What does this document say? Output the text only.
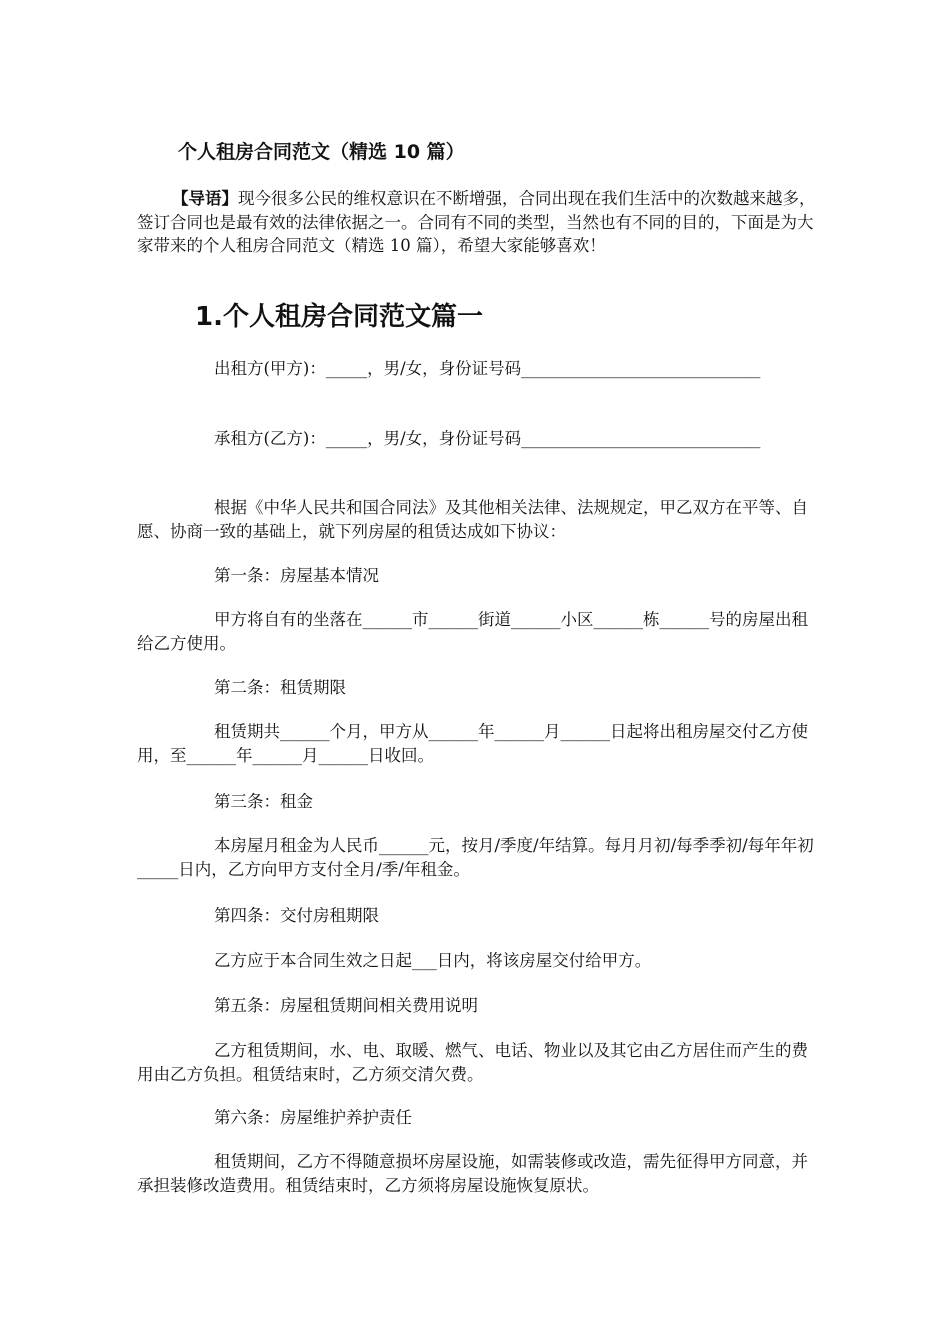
个人租房合同范文（精选 10 篇）

【导语】现今很多公民的维权意识在不断增强，合同出现在我们生活中的次数越来越多，签订合同也是最有效的法律依据之一。合同有不同的类型，当然也有不同的目的，下面是为大家带来的个人租房合同范文（精选 10 篇），希望大家能够喜欢！

1.个人租房合同范文篇一

出租方(甲方)：_____，男/女，身份证号码_____________________________

承租方(乙方)：_____，男/女，身份证号码_____________________________

根据《中华人民共和国合同法》及其他相关法律、法规规定，甲乙双方在平等、自愿、协商一致的基础上，就下列房屋的租赁达成如下协议：

第一条：房屋基本情况

甲方将自有的坐落在______市______街道______小区______栋______号的房屋出租给乙方使用。

第二条：租赁期限

租赁期共______个月，甲方从______年______月______日起将出租房屋交付乙方使用，至______年______月______日收回。

第三条：租金

本房屋月租金为人民币______元，按月/季度/年结算。每月月初/每季季初/每年年初_____日内，乙方向甲方支付全月/季/年租金。

第四条：交付房租期限

乙方应于本合同生效之日起___日内，将该房屋交付给甲方。

第五条：房屋租赁期间相关费用说明

乙方租赁期间，水、电、取暖、燃气、电话、物业以及其它由乙方居住而产生的费用由乙方负担。租赁结束时，乙方须交清欠费。

第六条：房屋维护养护责任

租赁期间，乙方不得随意损坏房屋设施，如需装修或改造，需先征得甲方同意，并承担装修改造费用。租赁结束时，乙方须将房屋设施恢复原状。
